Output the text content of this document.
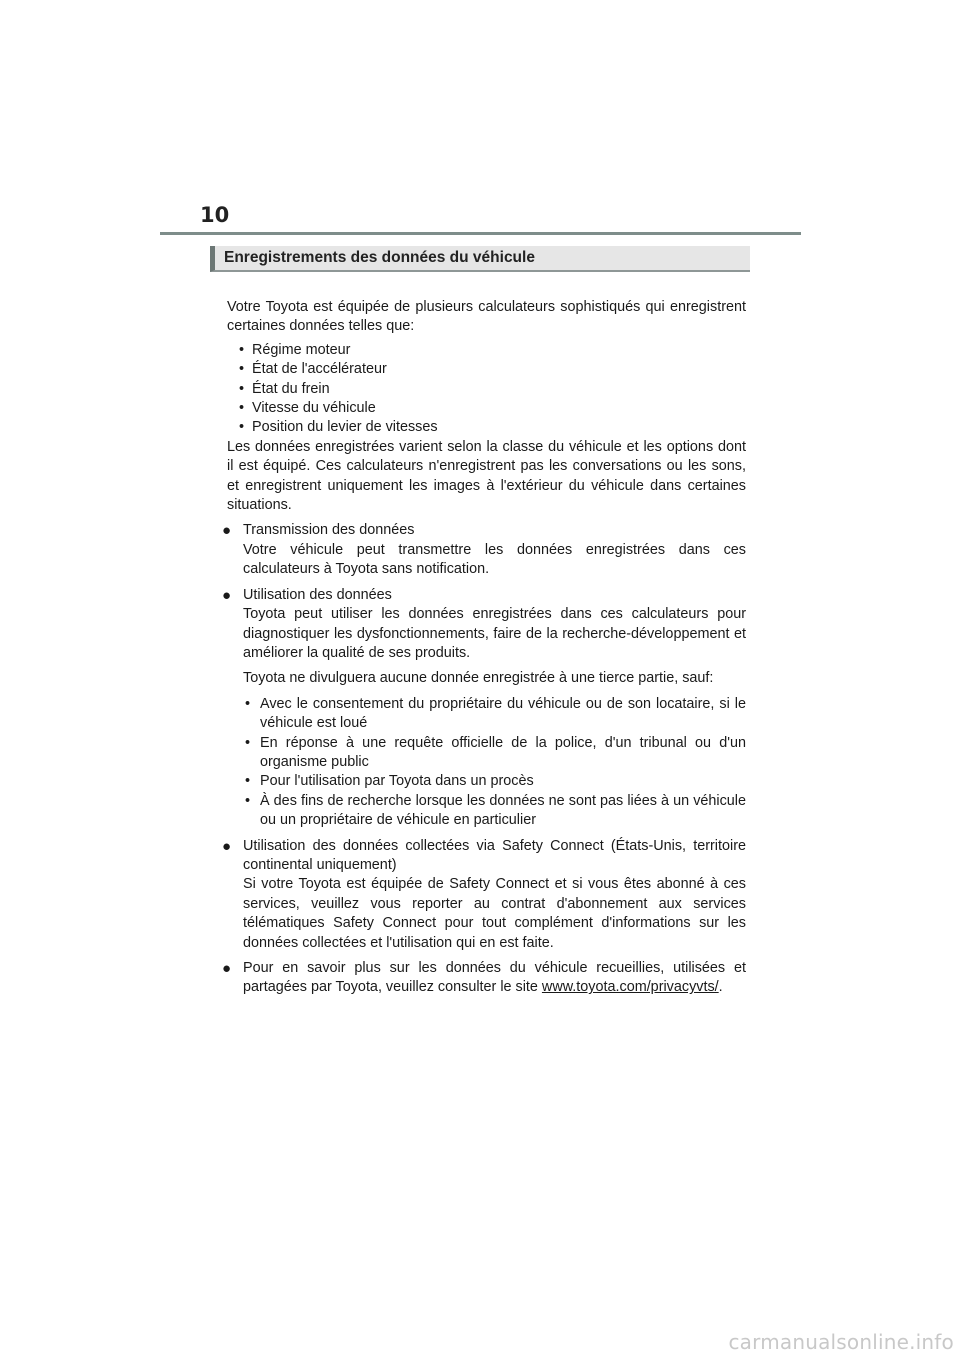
10
Enregistrements des données du véhicule

Votre Toyota est équipée de plusieurs calculateurs sophistiqués qui enregistrent certaines données telles que:

• Régime moteur
• État de l'accélérateur
• État du frein
• Vitesse du véhicule
• Position du levier de vitesses

Les données enregistrées varient selon la classe du véhicule et les options dont il est équipé. Ces calculateurs n'enregistrent pas les conversations ou les sons, et enregistrent uniquement les images à l'extérieur du véhicule dans certaines situations.

● Transmission des données

Votre véhicule peut transmettre les données enregistrées dans ces calculateurs à Toyota sans notification.

● Utilisation des données

Toyota peut utiliser les données enregistrées dans ces calculateurs pour diagnostiquer les dysfonctionnements, faire de la recherche-développement et améliorer la qualité de ses produits.

Toyota ne divulguera aucune donnée enregistrée à une tierce partie, sauf:

• Avec le consentement du propriétaire du véhicule ou de son locataire, si le véhicule est loué
• En réponse à une requête officielle de la police, d'un tribunal ou d'un organisme public
• Pour l'utilisation par Toyota dans un procès
• À des fins de recherche lorsque les données ne sont pas liées à un véhicule ou un propriétaire de véhicule en particulier
● Utilisation des données collectées via Safety Connect (États-Unis, territoire continental uniquement)

Si votre Toyota est équipée de Safety Connect et si vous êtes abonné à ces services, veuillez vous reporter au contrat d'abonnement aux services télématiques Safety Connect pour tout complément d'informations sur les données collectées et l'utilisation qui en est faite.

● Pour en savoir plus sur les données du véhicule recueillies, utilisées et partagées par Toyota, veuillez consulter le site www.toyota.com/privacyvts/.

carmanualsonline.info
